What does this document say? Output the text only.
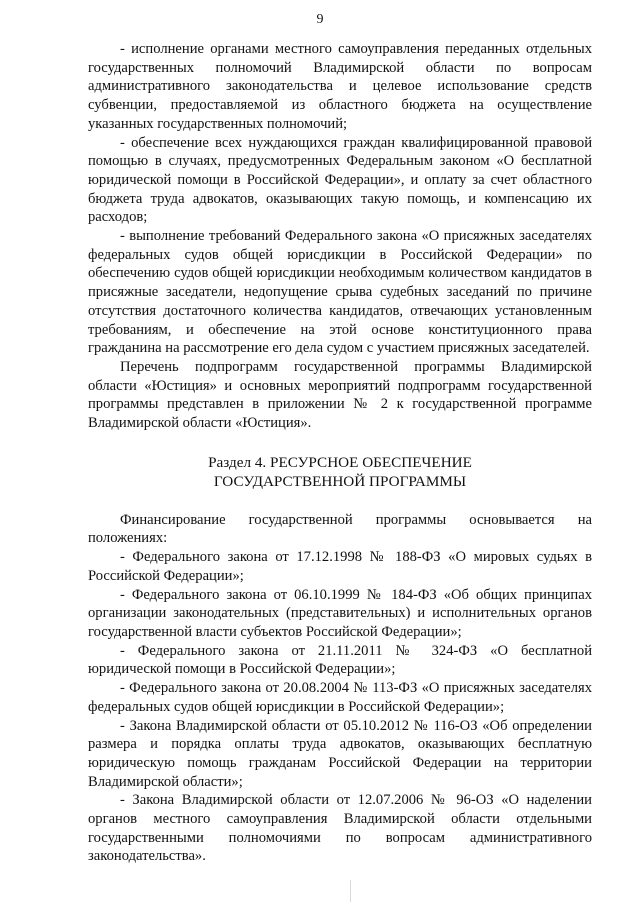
9

- исполнение органами местного самоуправления переданных отдельных государственных полномочий Владимирской области по вопросам административного законодательства и целевое использование средств субвенции, предоставляемой из областного бюджета на осуществление указанных государственных полномочий;

- обеспечение всех нуждающихся граждан квалифицированной правовой помощью в случаях, предусмотренных Федеральным законом «О бесплатной юридической помощи в Российской Федерации», и оплату за счет областного бюджета труда адвокатов, оказывающих такую помощь, и компенсацию их расходов;

- выполнение требований Федерального закона «О присяжных заседателях федеральных судов общей юрисдикции в Российской Федерации» по обеспечению судов общей юрисдикции необходимым количеством кандидатов в присяжные заседатели, недопущение срыва судебных заседаний по причине отсутствия достаточного количества кандидатов, отвечающих установленным требованиям, и обеспечение на этой основе конституционного права гражданина на рассмотрение его дела судом с участием присяжных заседателей.

Перечень подпрограмм государственной программы Владимирской области «Юстиция» и основных мероприятий подпрограмм государственной программы представлен в приложении № 2 к государственной программе Владимирской области «Юстиция».

Раздел 4. РЕСУРСНОЕ ОБЕСПЕЧЕНИЕ

ГОСУДАРСТВЕННОЙ ПРОГРАММЫ

Финансирование государственной программы основывается на положениях:

- Федерального закона от 17.12.1998 № 188-ФЗ «О мировых судьях в Российской Федерации»;

- Федерального закона от 06.10.1999 № 184-ФЗ «Об общих принципах организации законодательных (представительных) и исполнительных органов государственной власти субъектов Российской Федерации»;

- Федерального закона от 21.11.2011 № 324-ФЗ «О бесплатной юридической помощи в Российской Федерации»;

- Федерального закона от 20.08.2004 № 113-ФЗ «О присяжных заседателях федеральных судов общей юрисдикции в Российской Федерации»;

- Закона Владимирской области от 05.10.2012 № 116-ОЗ «Об определении размера и порядка оплаты труда адвокатов, оказывающих бесплатную юридическую помощь гражданам Российской Федерации на территории Владимирской области»;

- Закона Владимирской области от 12.07.2006 № 96-ОЗ «О наделении органов местного самоуправления Владимирской области отдельными государственными полномочиями по вопросам административного законодательства».
